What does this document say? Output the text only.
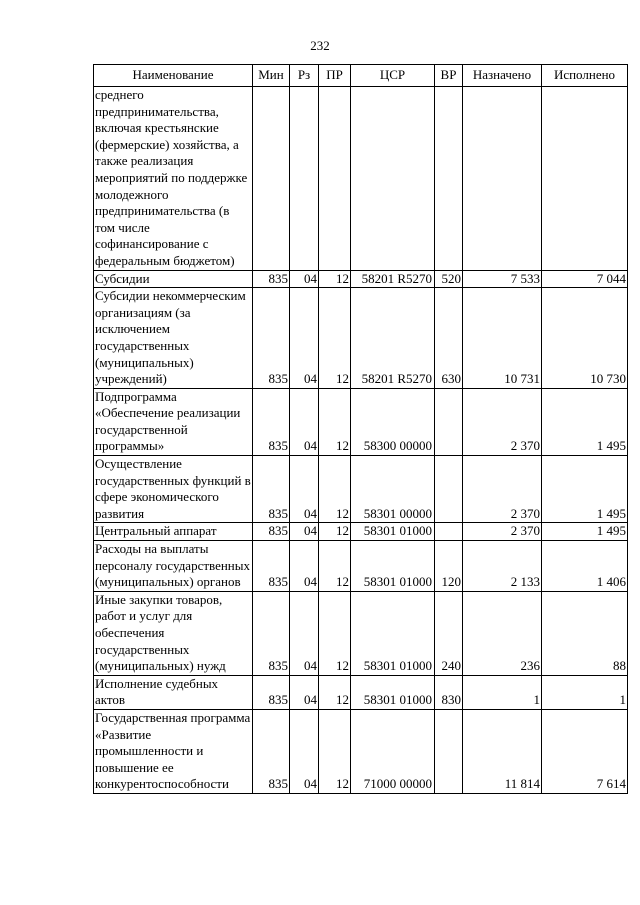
232
Наименование	Мин	Рз	ПР	ЦСР	ВР	Назначено	Исполнено
среднего предпринимательства, включая крестьянские (фермерские) хозяйства, а также реализация мероприятий по поддержке молодежного предпринимательства (в том числе софинансирование с федеральным бюджетом)							
Субсидии	835	04	12	58201 R5270	520	7 533	7 044
Субсидии некоммерческим организациям (за исключением государственных (муниципальных) учреждений)	835	04	12	58201 R5270	630	10 731	10 730
Подпрограмма «Обеспечение реализации государственной программы»	835	04	12	58300 00000		2 370	1 495
Осуществление государственных функций в сфере экономического развития	835	04	12	58301 00000		2 370	1 495
Центральный аппарат	835	04	12	58301 01000		2 370	1 495
Расходы на выплаты персоналу государственных (муниципальных) органов	835	04	12	58301 01000	120	2 133	1 406
Иные закупки товаров, работ и услуг для обеспечения государственных (муниципальных) нужд	835	04	12	58301 01000	240	236	88
Исполнение судебных актов	835	04	12	58301 01000	830	1	1
Государственная программа «Развитие промышленности и повышение ее конкурентоспособности	835	04	12	71000 00000		11 814	7 614
